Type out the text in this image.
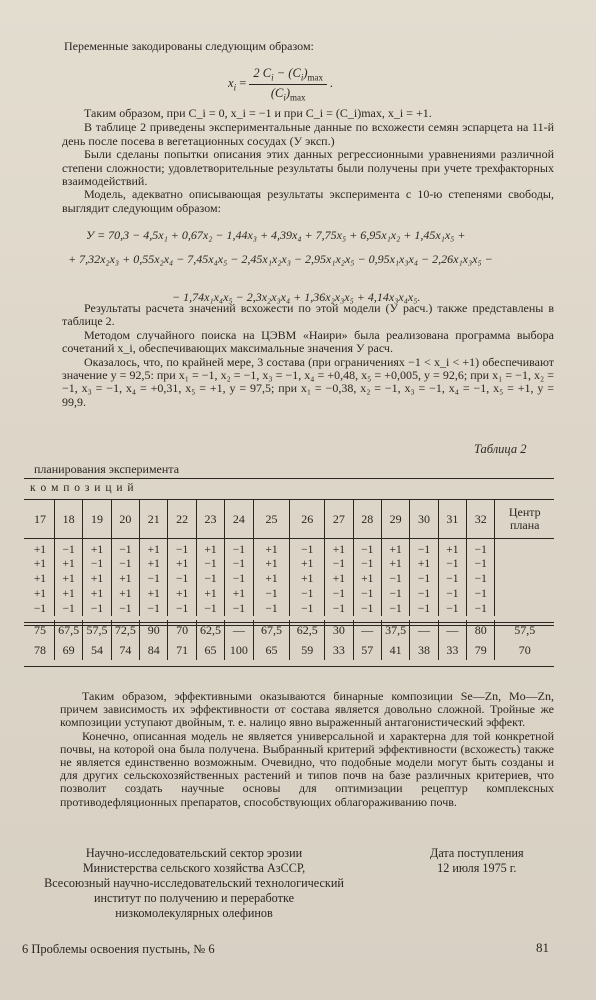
Переменные закодированы следующим образом:

$x_i = \frac{2 C_i - (C_i)_{max}}{(C_i)_{max}}$ .

Таким образом, при C_i = 0, x_i = −1 и при C_i = (C_i)max, x_i = +1.

В таблице 2 приведены экспериментальные данные по всхожести семян эспарцета на 11-й день после посева в вегетационных сосудах (У эксп.)

Были сделаны попытки описания этих данных регрессионными уравнениями различной степени сложности; удовлетворительные результаты были получены при учете трехфакторных взаимодействий.

Модель, адекватно описывающая результаты эксперимента с 10-ю степенями свободы, выглядит следующим образом:

У = 70,3 − 4,5x₁ + 0,67x₂ − 1,44x₃ + 4,39x₄ + 7,75x₅ + 6,95x₁x₂ + 1,45x₁x₅ +

+ 7,32x₂x₃ + 0,55x₂x₄ − 7,45x₄x₅ − 2,45x₁x₂x₃ − 2,95x₁x₂x₅ − 0,95x₁x₃x₄ − 2,26x₁x₃x₅ −

− 1,74x₁x₄x₅ − 2,3x₂x₃x₄ + 1,36x₂x₃x₅ + 4,14x₃x₄x₅.

Результаты расчета значений всхожести по этой модели (У расч.) также представлены в таблице 2.

Методом случайного поиска на ЦЭВМ «Наири» была реализована программа выбора сочетаний x_i, обеспечивающих максимальные значения У расч.

Оказалось, что, по крайней мере, 3 состава (при ограничениях −1 < x_i < +1) обеспечивают значение y = 92,5: при x₁ = −1, x₂ = −1, x₃ = −1, x₄ = +0,48, x₅ = +0,005, y = 92,6; при x₁ = −1, x₂ = −1, x₃ = −1, x₄ = +0,31, x₅ = +1, y = 97,5; при x₁ = −0,38, x₂ = −1, x₃ = −1, x₄ = −1, x₅ = +1, y = 99,9.

Таблица 2

планирования эксперимента

к о м п о з и ц и й

17	18	19	20	21	22	23	24	25	26	27	28	29	30	31	32	Центр
плана

+1	−1	+1	−1	+1	−1	+1	−1	+1	−1	+1	−1	+1	−1	+1	−1	
+1	+1	−1	−1	+1	+1	−1	−1	+1	+1	−1	−1	+1	+1	−1	−1	
+1	+1	+1	+1	−1	−1	−1	−1	+1	+1	+1	+1	−1	−1	−1	−1	
+1	+1	+1	+1	+1	+1	+1	+1	−1	−1	−1	−1	−1	−1	−1	−1	
−1	−1	−1	−1	−1	−1	−1	−1	−1	−1	−1	−1	−1	−1	−1	−1	

75	67,5	57,5	72,5	90	70	62,5	—	67,5	62,5	30	—	37,5	—	—	80	57,5
78	69	54	74	84	71	65	100	65	59	33	57	41	38	33	79	70

Таким образом, эффективными оказываются бинарные композиции Se—Zn, Mo—Zn, причем зависимость их эффективности от состава является довольно сложной. Тройные же композиции уступают двойным, т. е. налицо явно выраженный антагонистический эффект.

Конечно, описанная модель не является универсальной и характерна для той конкретной почвы, на которой она была получена. Выбранный критерий эффективности (всхожесть) также не является единственно возможным. Очевидно, что подобные модели могут быть созданы и для других сельскохозяйственных растений и типов почв на базе различных критериев, что позволит создать научные основы для оптимизации рецептур комплексных противодефляционных препаратов, способствующих облагораживанию почв.

Научно-исследовательский сектор эрозии

Министерства сельского хозяйства АзССР,

Всесоюзный научно-исследовательский технологический

институт по получению и переработке

низкомолекулярных олефинов

Дата поступления

12 июля 1975 г.

6 Проблемы освоения пустынь, № 6	81
